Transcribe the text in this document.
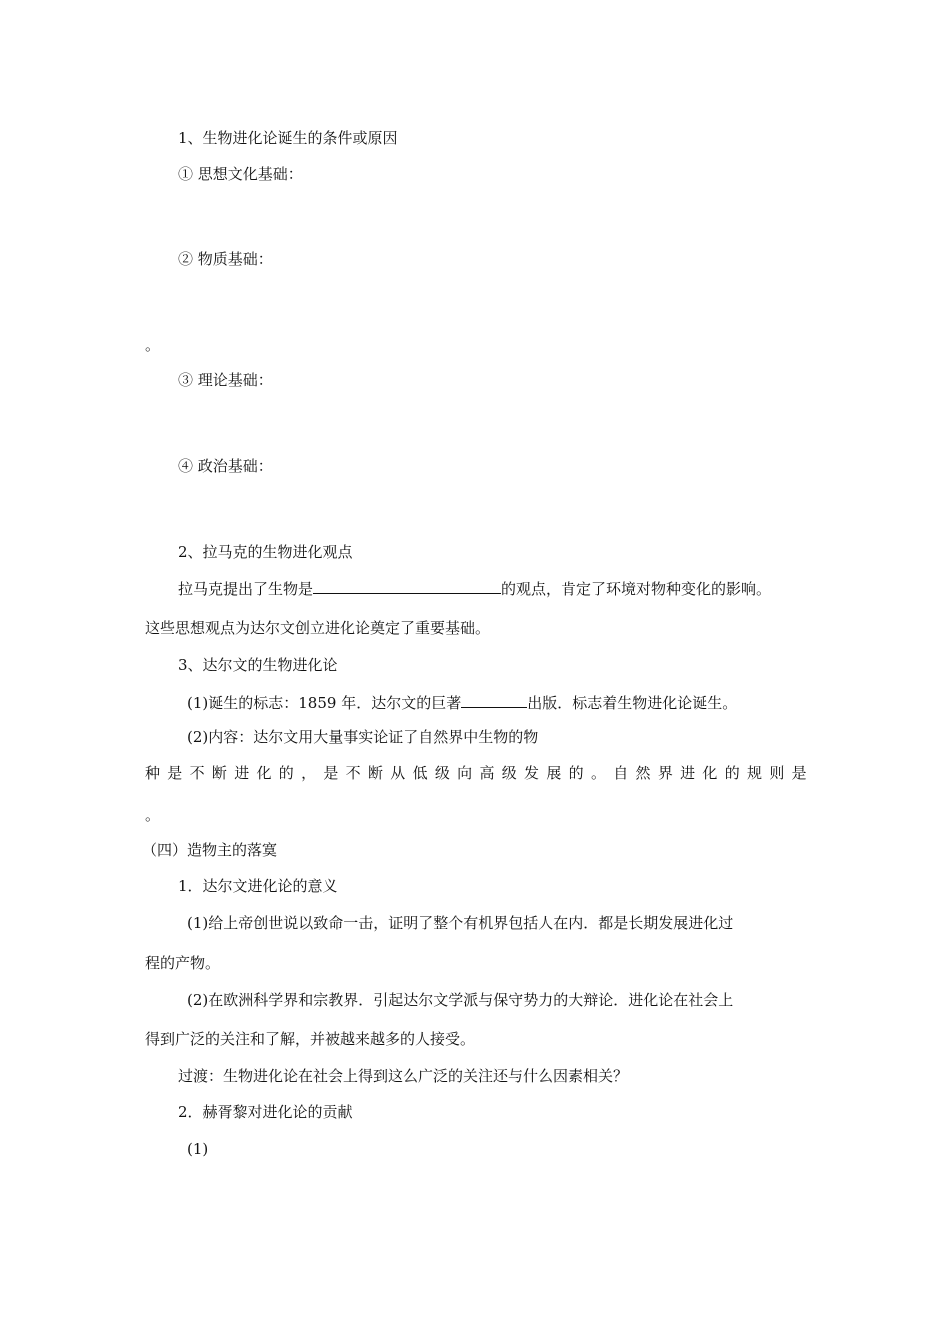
1、生物进化论诞生的条件或原因
① 思想文化基础：
② 物质基础：
。
③ 理论基础：
④ 政治基础：
2、拉马克的生物进化观点
拉马克提出了生物是	的观点，肯定了环境对物种变化的影响。
这些思想观点为达尔文创立进化论奠定了重要基础。
3、达尔文的生物进化论
(1)诞生的标志：1859 年．达尔文的巨著	出版．标志着生物进化论诞生。
(2)内容：达尔文用大量事实论证了自然界中生物的物
种 是 不 断 进 化 的 ， 是 不 断 从 低 级 向 高 级 发 展 的 。 自 然 界 进 化 的 规 则 是
。
（四）造物主的落寞
1．达尔文进化论的意义
(1)给上帝创世说以致命一击，证明了整个有机界包括人在内．都是长期发展进化过
程的产物。
(2)在欧洲科学界和宗教界．引起达尔文学派与保守势力的大辩论．进化论在社会上
得到广泛的关注和了解，并被越来越多的人接受。
过渡：生物进化论在社会上得到这么广泛的关注还与什么因素相关？
2．赫胥黎对进化论的贡献
(1)
